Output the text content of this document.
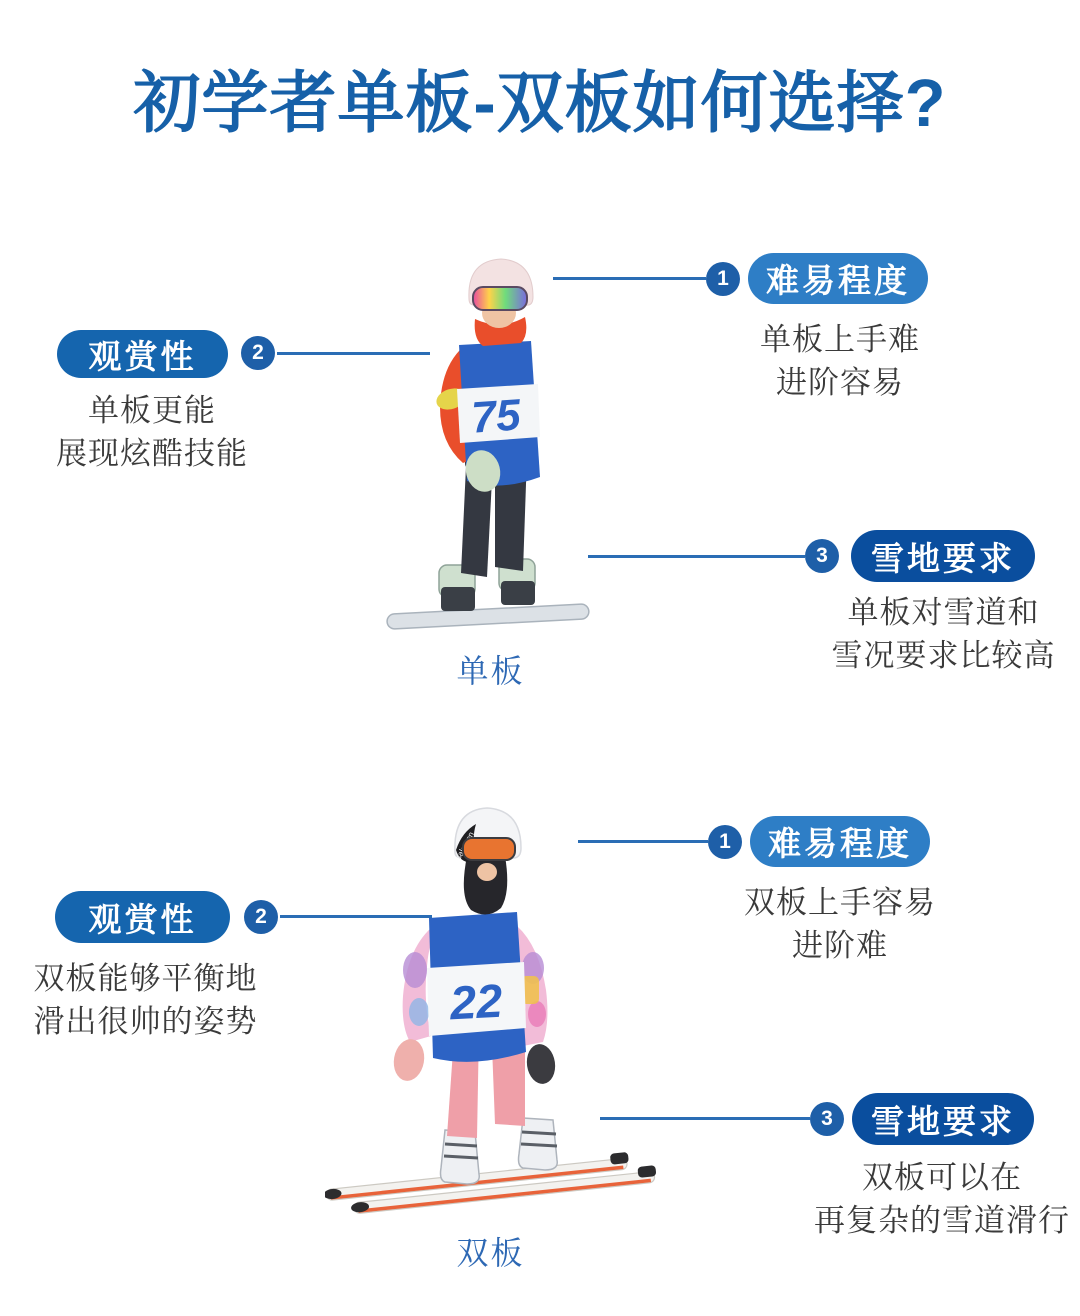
初学者单板-双板如何选择?
75
单板
观赏性	2
单板更能
展现炫酷技能
1	难易程度
单板上手难
进阶容易
3	雪地要求
单板对雪道和
雪况要求比较高
22
双板
观赏性	2
双板能够平衡地
滑出很帅的姿势
1	难易程度
双板上手容易
进阶难
3	雪地要求
双板可以在
再复杂的雪道滑行
